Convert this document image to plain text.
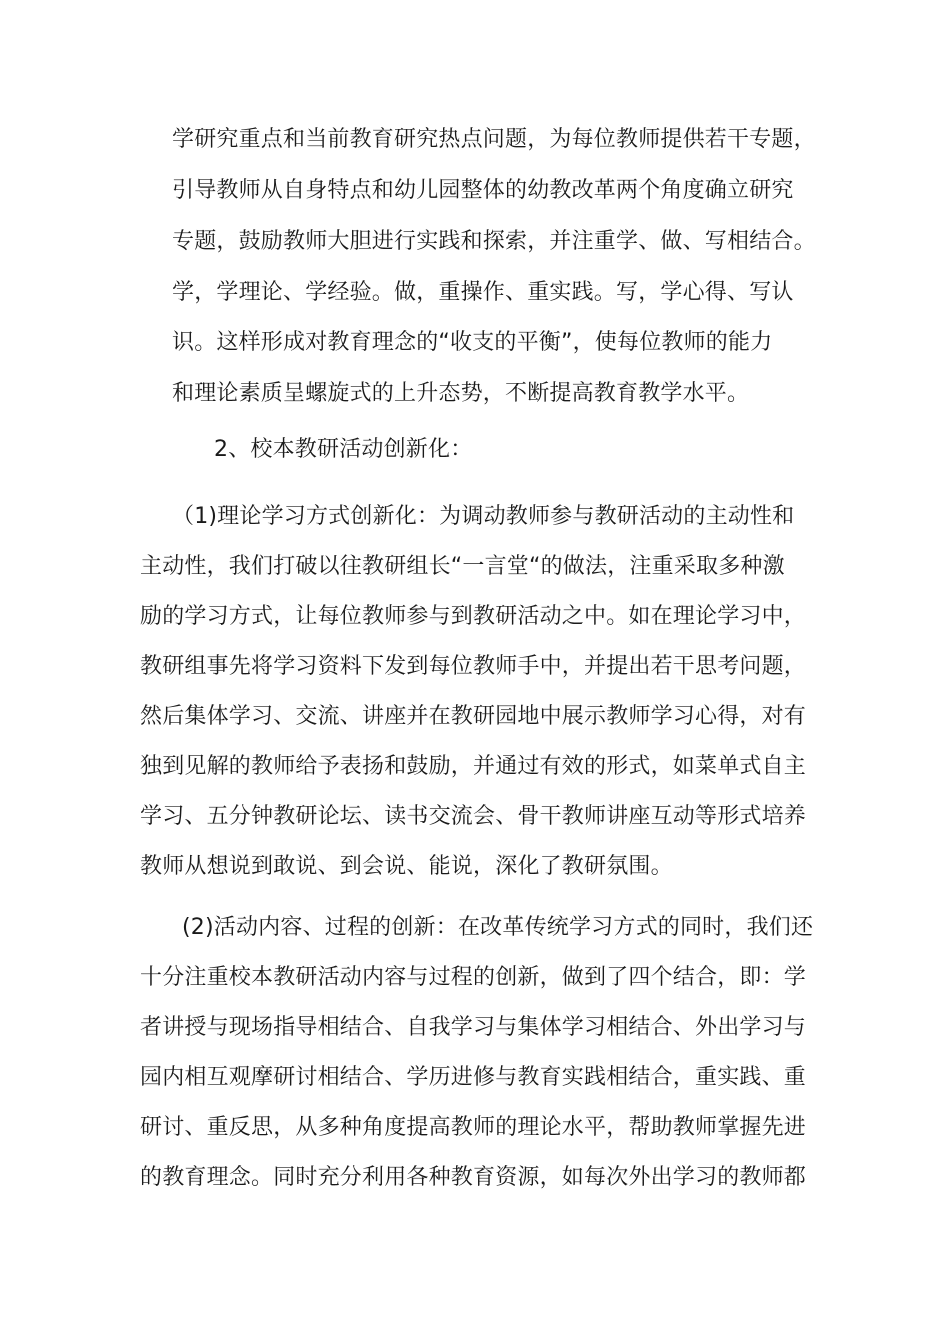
学研究重点和当前教育研究热点问题，为每位教师提供若干专题，
引导教师从自身特点和幼儿园整体的幼教改革两个角度确立研究
专题，鼓励教师大胆进行实践和探索，并注重学、做、写相结合。
学，学理论、学经验。做，重操作、重实践。写，学心得、写认
识。这样形成对教育理念的“收支的平衡”，使每位教师的能力
和理论素质呈螺旋式的上升态势，不断提高教育教学水平。
2、校本教研活动创新化：
（1)理论学习方式创新化：为调动教师参与教研活动的主动性和
主动性，我们打破以往教研组长“一言堂“的做法，注重采取多种激
励的学习方式，让每位教师参与到教研活动之中。如在理论学习中，
教研组事先将学习资料下发到每位教师手中，并提出若干思考问题，
然后集体学习、交流、讲座并在教研园地中展示教师学习心得，对有
独到见解的教师给予表扬和鼓励，并通过有效的形式，如菜单式自主
学习、五分钟教研论坛、读书交流会、骨干教师讲座互动等形式培养
教师从想说到敢说、到会说、能说，深化了教研氛围。
(2)活动内容、过程的创新：在改革传统学习方式的同时，我们还
十分注重校本教研活动内容与过程的创新，做到了四个结合，即：学
者讲授与现场指导相结合、自我学习与集体学习相结合、外出学习与
园内相互观摩研讨相结合、学历进修与教育实践相结合，重实践、重
研讨、重反思，从多种角度提高教师的理论水平，帮助教师掌握先进
的教育理念。同时充分利用各种教育资源，如每次外出学习的教师都
